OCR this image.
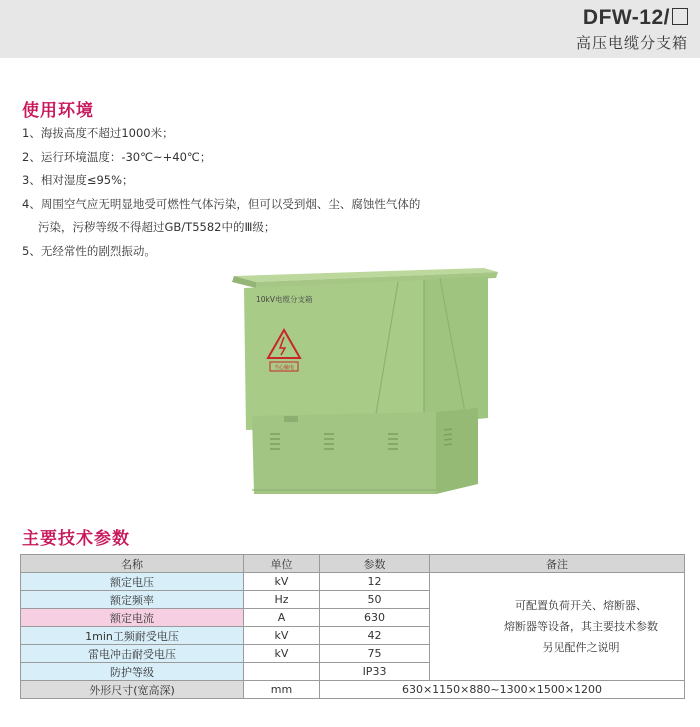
DFW-12/
高压电缆分支箱
使用环境
1、海拔高度不超过1000米；
2、运行环境温度：-30℃~+40℃；
3、相对湿度≤95%；
4、周围空气应无明显地受可燃性气体污染，但可以受到烟、尘、腐蚀性气体的
污染，污秽等级不得超过GB/T5582中的Ⅲ级；
5、无经常性的剧烈振动。
10kV电缆分支箱
当心触电
主要技术参数
名称	单位	参数	备注
额定电压	kV	12	可配置负荷开关、熔断器、
熔断器等设备，其主要技术参数
另见配件之说明

额定频率	Hz	50	
额定电流	A	630	
1min工频耐受电压	kV	42	
雷电冲击耐受电压	kV	75	
防护等级		IP33	
外形尺寸(宽高深)	mm	630×1150×880~1300×1500×1200	
